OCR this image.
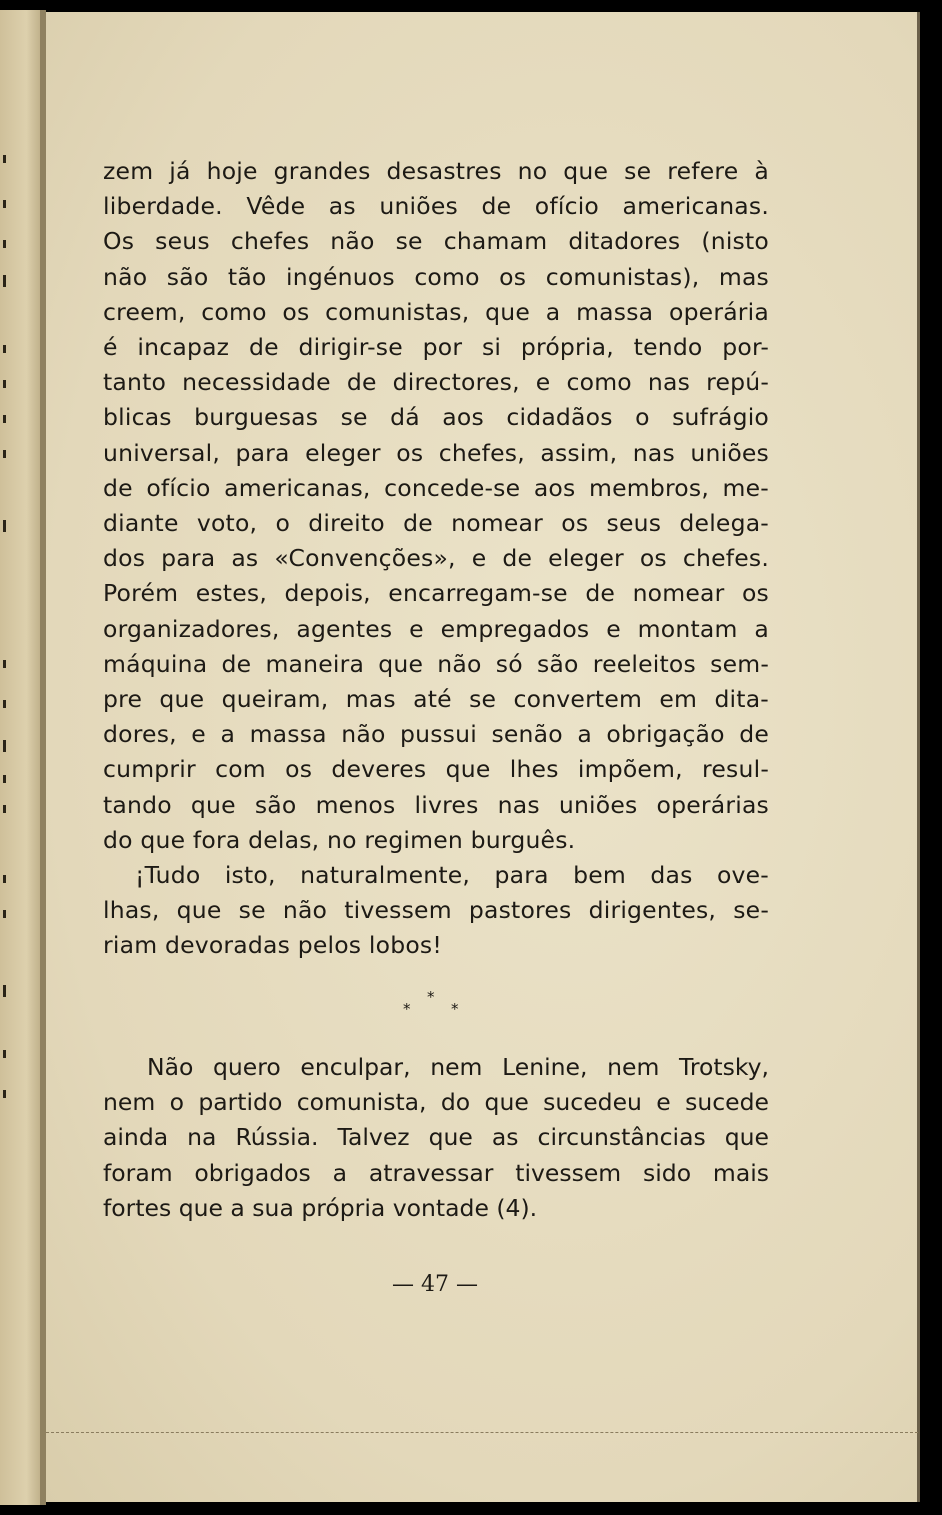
zem já hoje grandes desastres no que se refere à
liberdade. Vêde as uniões de ofício americanas.
Os seus chefes não se chamam ditadores (nisto
não são tão ingénuos como os comunistas), mas
creem, como os comunistas, que a massa operária
é incapaz de dirigir-se por si própria, tendo por-
tanto necessidade de directores, e como nas repú-
blicas burguesas se dá aos cidadãos o sufrágio
universal, para eleger os chefes, assim, nas uniões
de ofício americanas, concede-se aos membros, me-
diante voto, o direito de nomear os seus delega-
dos para as «Convenções», e de eleger os chefes.
Porém estes, depois, encarregam-se de nomear os
organizadores, agentes e empregados e montam a
máquina de maneira que não só são reeleitos sem-
pre que queiram, mas até se convertem em dita-
dores, e a massa não pussui senão a obrigação de
cumprir com os deveres que lhes impõem, resul-
tando que são menos livres nas uniões operárias
do que fora delas, no regimen burguês.

¡Tudo isto, naturalmente, para bem das ove-
lhas, que se não tivessem pastores dirigentes, se-
riam devoradas pelos lobos!

*
*	*

Não quero enculpar, nem Lenine, nem Trotsky,
nem o partido comunista, do que sucedeu e sucede
ainda na Rússia. Talvez que as circunstâncias que
foram obrigados a atravessar tivessem sido mais
fortes que a sua própria vontade (4).

— 47 —
